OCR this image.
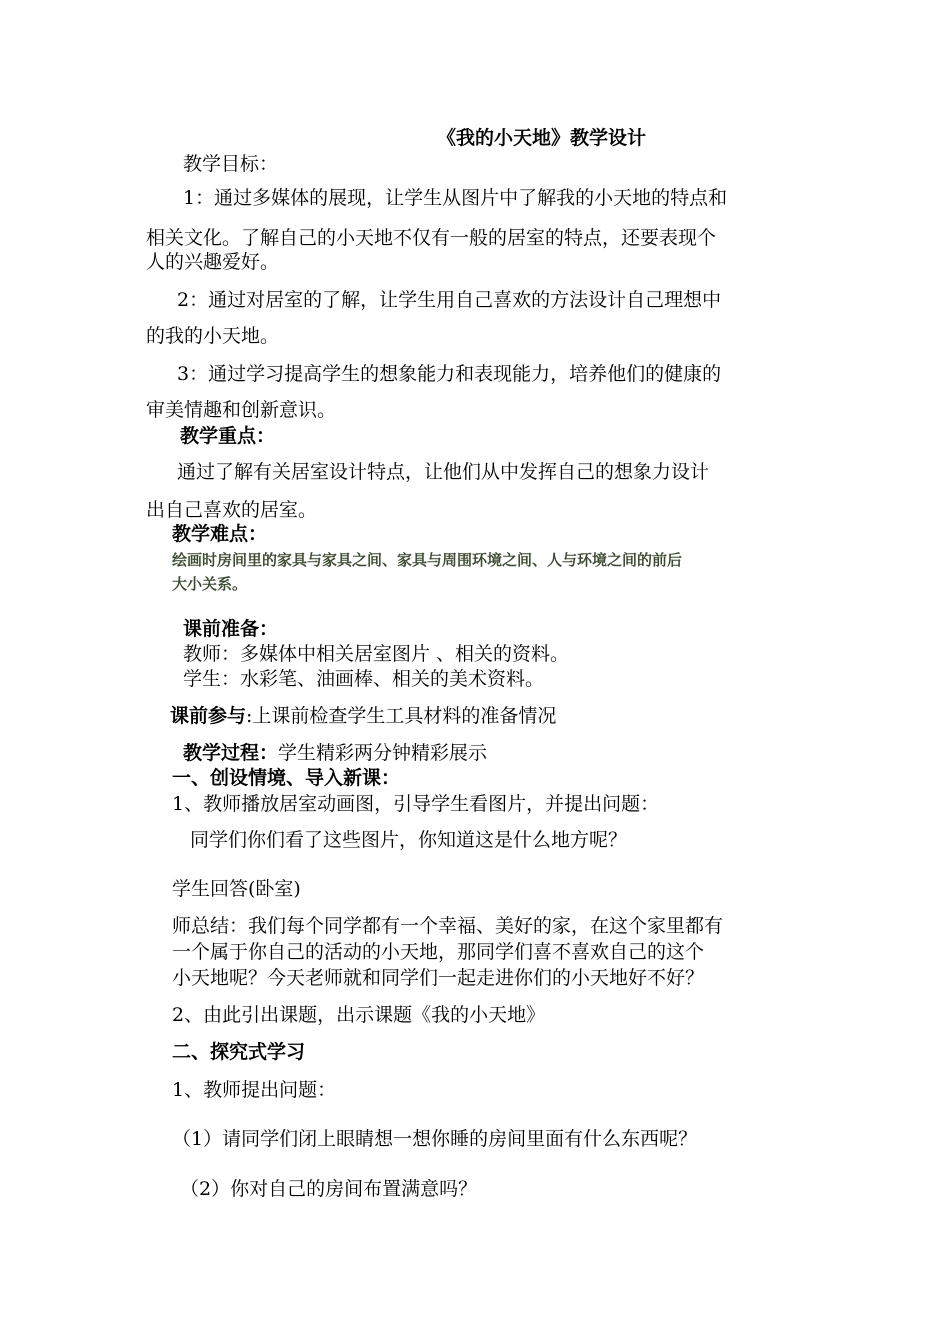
《我的小天地》教学设计
教学目标：
1：通过多媒体的展现，让学生从图片中了解我的小天地的特点和
相关文化。了解自己的小天地不仅有一般的居室的特点，还要表现个
人的兴趣爱好。
2：通过对居室的了解，让学生用自己喜欢的方法设计自己理想中
的我的小天地。
3：通过学习提高学生的想象能力和表现能力，培养他们的健康的
审美情趣和创新意识。
教学重点：
通过了解有关居室设计特点，让他们从中发挥自己的想象力设计
出自己喜欢的居室。
教学难点：
绘画时房间里的家具与家具之间、家具与周围环境之间、人与环境之间的前后
大小关系。
课前准备：
教师：多媒体中相关居室图片 、相关的资料。
学生：水彩笔、油画棒、相关的美术资料。
课前参与:上课前检查学生工具材料的准备情况
教学过程：学生精彩两分钟精彩展示
一、创设情境、导入新课：
1、教师播放居室动画图，引导学生看图片，并提出问题：
同学们你们看了这些图片，你知道这是什么地方呢？
学生回答(卧室)
师总结：我们每个同学都有一个幸福、美好的家，在这个家里都有
一个属于你自己的活动的小天地，那同学们喜不喜欢自己的这个
小天地呢？今天老师就和同学们一起走进你们的小天地好不好？
2、由此引出课题，出示课题《我的小天地》
二、探究式学习
1、教师提出问题：
（1）请同学们闭上眼睛想一想你睡的房间里面有什么东西呢？
（2）你对自己的房间布置满意吗？
